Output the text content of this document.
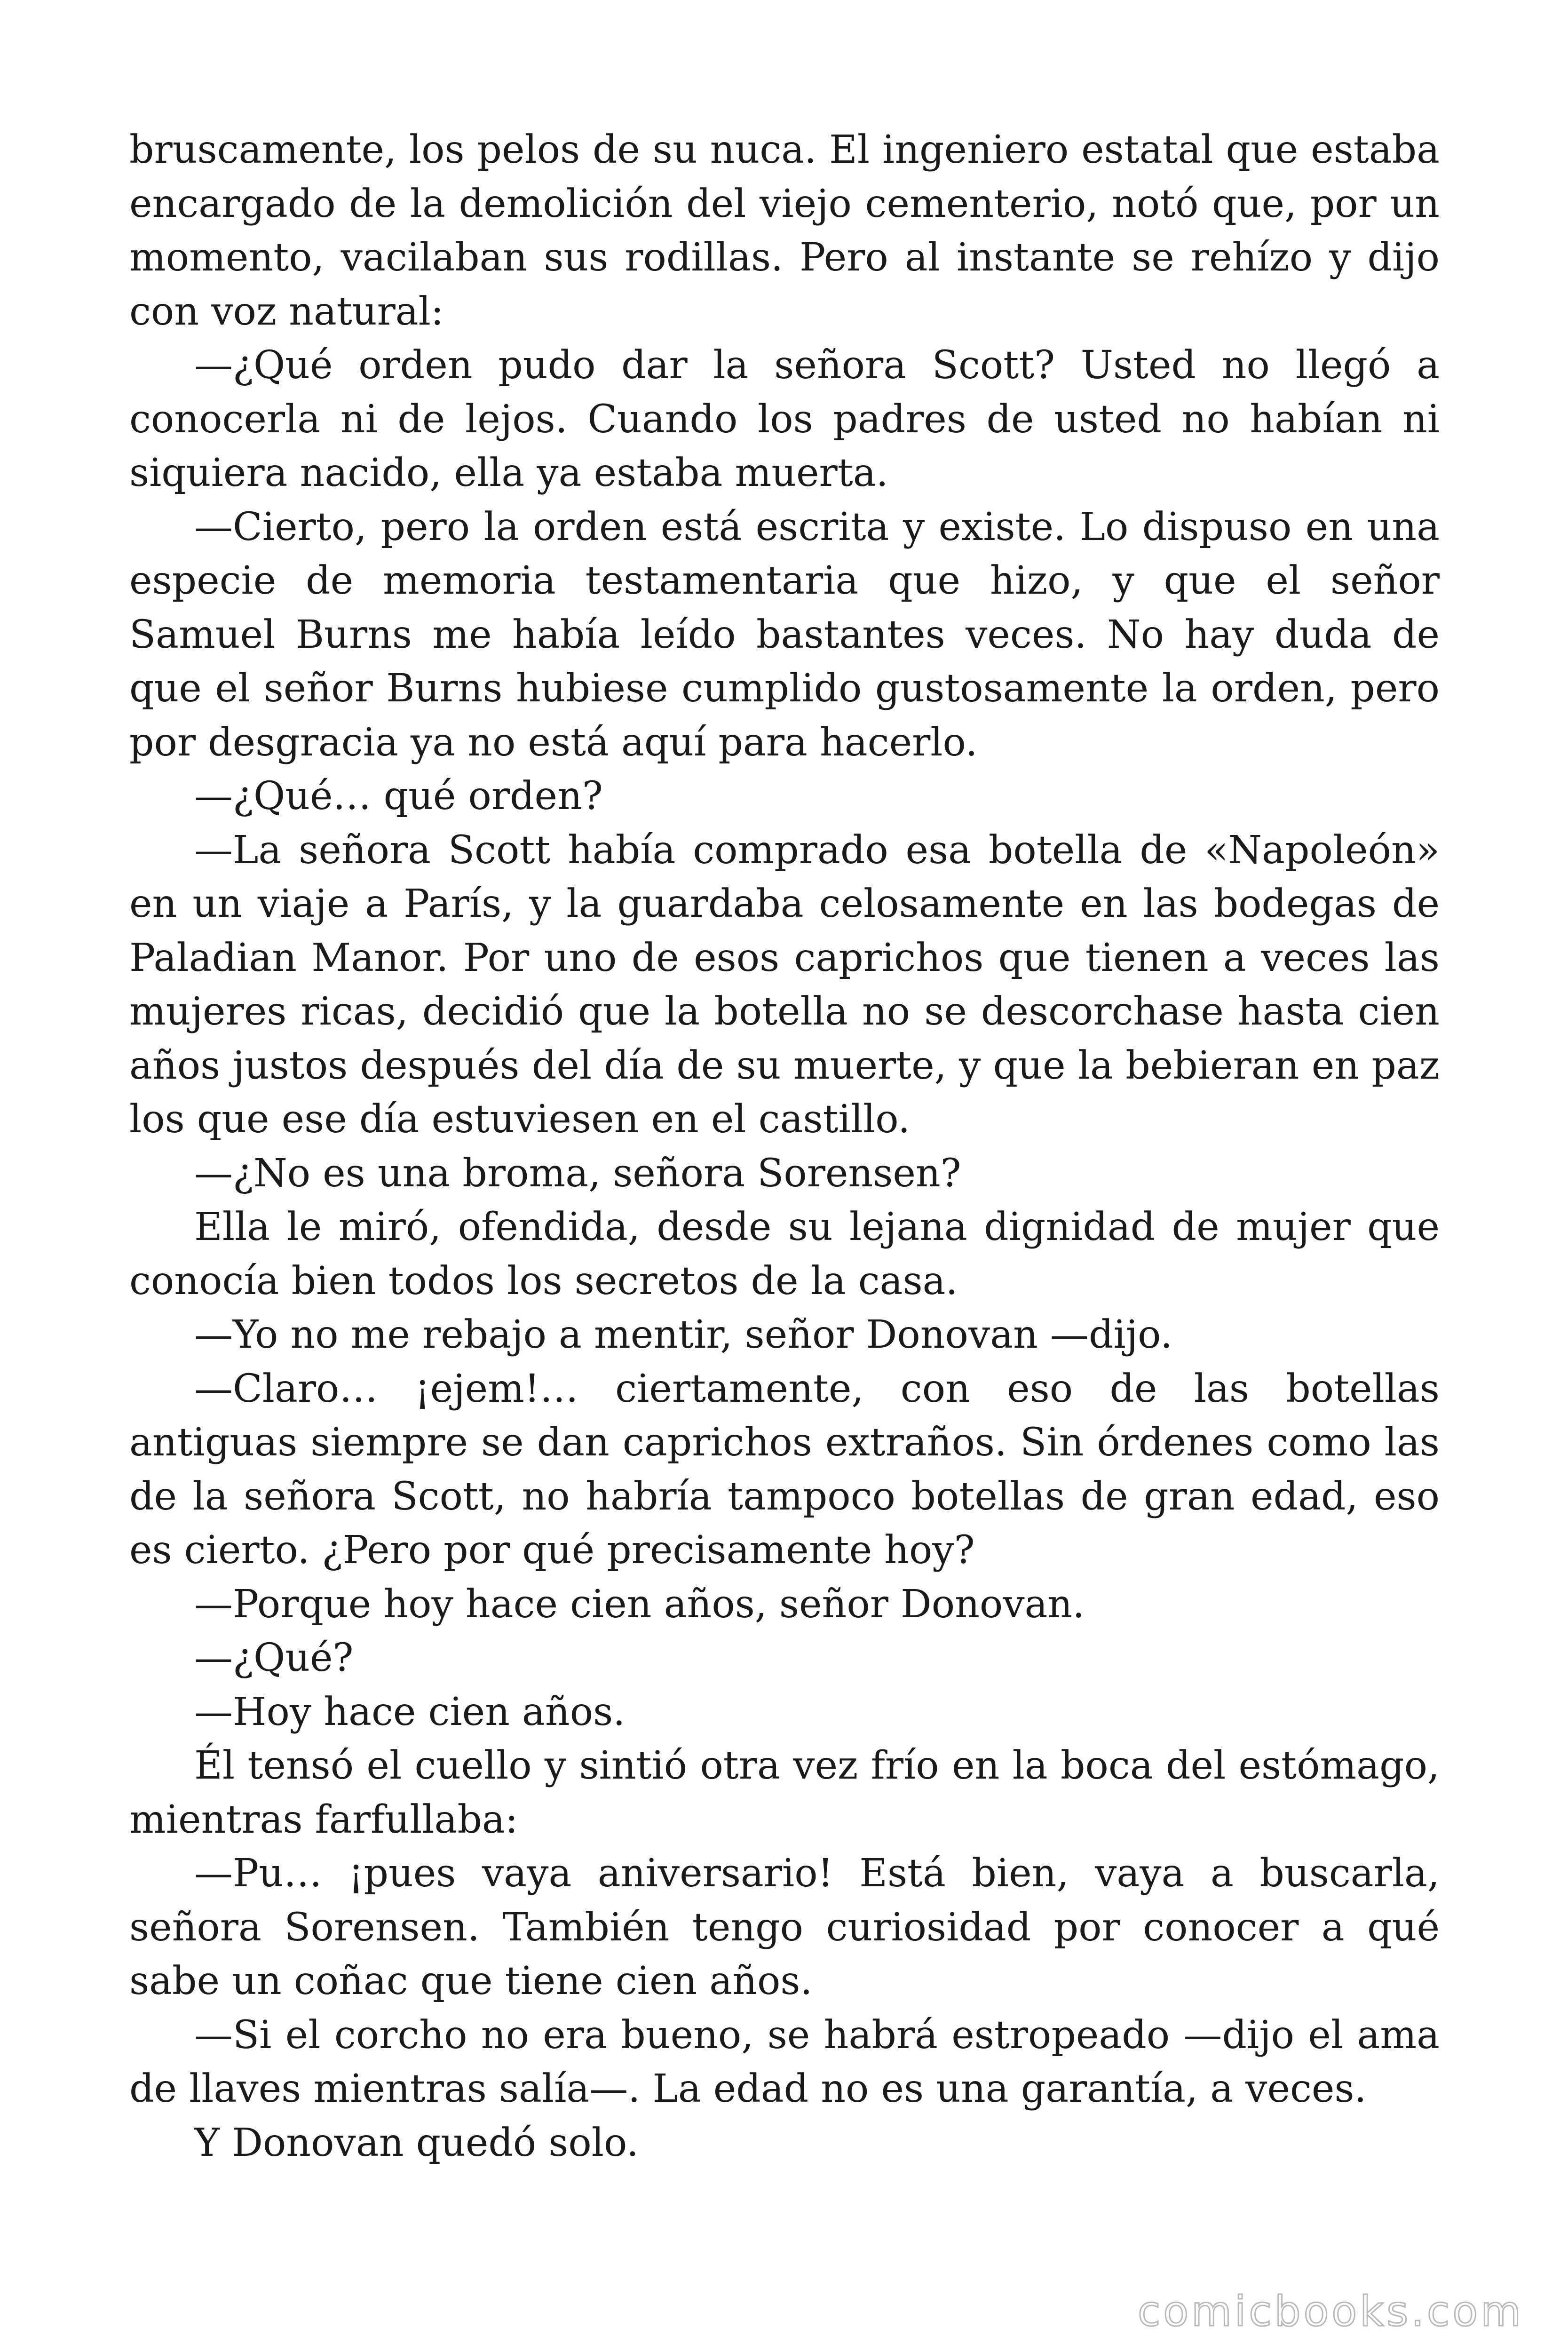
bruscamente, los pelos de su nuca. El ingeniero estatal que estaba encargado de la demolición del viejo cementerio, notó que, por un momento, vacilaban sus rodillas. Pero al instante se rehízo y dijo con voz natural:

—¿Qué orden pudo dar la señora Scott? Usted no llegó a conocerla ni de lejos. Cuando los padres de usted no habían ni siquiera nacido, ella ya estaba muerta.

—Cierto, pero la orden está escrita y existe. Lo dispuso en una especie de memoria testamentaria que hizo, y que el señor Samuel Burns me había leído bastantes veces. No hay duda de que el señor Burns hubiese cumplido gustosamente la orden, pero por desgracia ya no está aquí para hacerlo.

—¿Qué… qué orden?

—La señora Scott había comprado esa botella de «Napoleón» en un viaje a París, y la guardaba celosamente en las bodegas de Paladian Manor. Por uno de esos caprichos que tienen a veces las mujeres ricas, decidió que la botella no se descorchase hasta cien años justos después del día de su muerte, y que la bebieran en paz los que ese día estuviesen en el castillo.

—¿No es una broma, señora Sorensen?

Ella le miró, ofendida, desde su lejana dignidad de mujer que conocía bien todos los secretos de la casa.

—Yo no me rebajo a mentir, señor Donovan —dijo.

—Claro… ¡ejem!… ciertamente, con eso de las botellas antiguas siempre se dan caprichos extraños. Sin órdenes como las de la señora Scott, no habría tampoco botellas de gran edad, eso es cierto. ¿Pero por qué precisamente hoy?

—Porque hoy hace cien años, señor Donovan.

—¿Qué?

—Hoy hace cien años.

Él tensó el cuello y sintió otra vez frío en la boca del estómago, mientras farfullaba:

—Pu… ¡pues vaya aniversario! Está bien, vaya a buscarla, señora Sorensen. También tengo curiosidad por conocer a qué sabe un coñac que tiene cien años.

—Si el corcho no era bueno, se habrá estropeado —dijo el ama de llaves mientras salía—. La edad no es una garantía, a veces.

Y Donovan quedó solo.

comicbooks.com
